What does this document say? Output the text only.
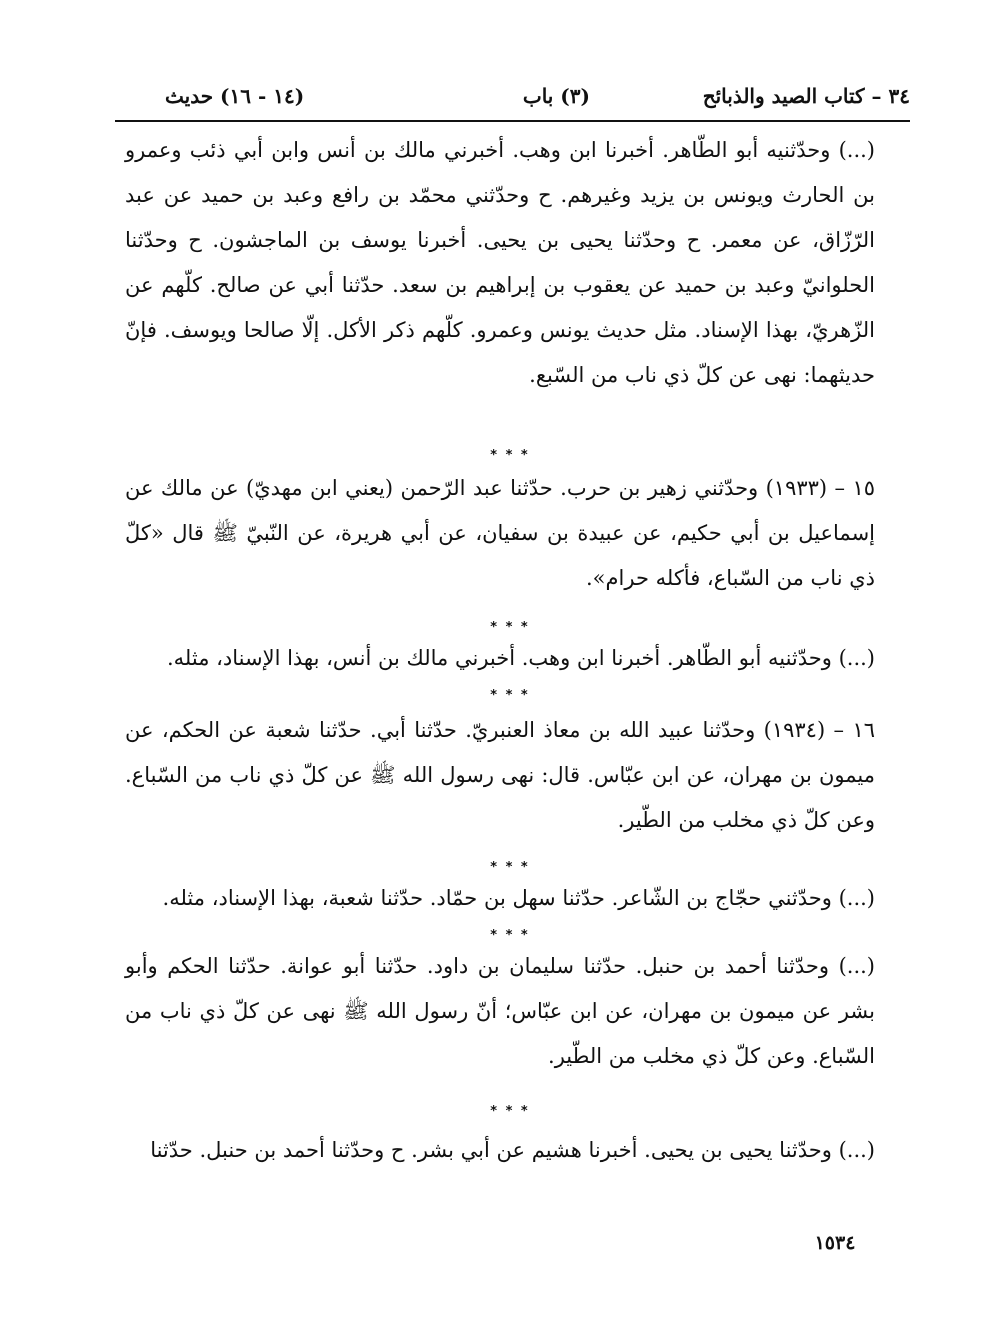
٣٤ – كتاب الصيد والذبائح
(٣) باب
(١٤ - ١٦) حديث

(...) وحدّثنيه أبو الطّاهر. أخبرنا ابن وهب. أخبرني مالك بن أنس وابن أبي ذئب وعمرو بن الحارث ويونس بن يزيد وغيرهم. ح وحدّثني محمّد بن رافع وعبد بن حميد عن عبد الرّزّاق، عن معمر. ح وحدّثنا يحيى بن يحيى. أخبرنا يوسف بن الماجشون. ح وحدّثنا الحلوانيّ وعبد بن حميد عن يعقوب بن إبراهيم بن سعد. حدّثنا أبي عن صالح. كلّهم عن الزّهريّ، بهذا الإسناد. مثل حديث يونس وعمرو. كلّهم ذكر الأكل. إلّا صالحا ويوسف. فإنّ حديثهما: نهى عن كلّ ذي ناب من السّبع.

* * *

١٥ – (١٩٣٣) وحدّثني زهير بن حرب. حدّثنا عبد الرّحمن (يعني ابن مهديّ) عن مالك عن إسماعيل بن أبي حكيم، عن عبيدة بن سفيان، عن أبي هريرة، عن النّبيّ ﷺ قال «كلّ ذي ناب من السّباع، فأكله حرام».

* * *

(...) وحدّثنيه أبو الطّاهر. أخبرنا ابن وهب. أخبرني مالك بن أنس، بهذا الإسناد، مثله.

* * *

١٦ – (١٩٣٤) وحدّثنا عبيد الله بن معاذ العنبريّ. حدّثنا أبي. حدّثنا شعبة عن الحكم، عن ميمون بن مهران، عن ابن عبّاس. قال: نهى رسول الله ﷺ عن كلّ ذي ناب من السّباع. وعن كلّ ذي مخلب من الطّير.

* * *

(...) وحدّثني حجّاج بن الشّاعر. حدّثنا سهل بن حمّاد. حدّثنا شعبة، بهذا الإسناد، مثله.

* * *

(...) وحدّثنا أحمد بن حنبل. حدّثنا سليمان بن داود. حدّثنا أبو عوانة. حدّثنا الحكم وأبو بشر عن ميمون بن مهران، عن ابن عبّاس؛ أنّ رسول الله ﷺ نهى عن كلّ ذي ناب من السّباع. وعن كلّ ذي مخلب من الطّير.

* * *

(...) وحدّثنا يحيى بن يحيى. أخبرنا هشيم عن أبي بشر. ح وحدّثنا أحمد بن حنبل. حدّثنا

١٥٣٤
